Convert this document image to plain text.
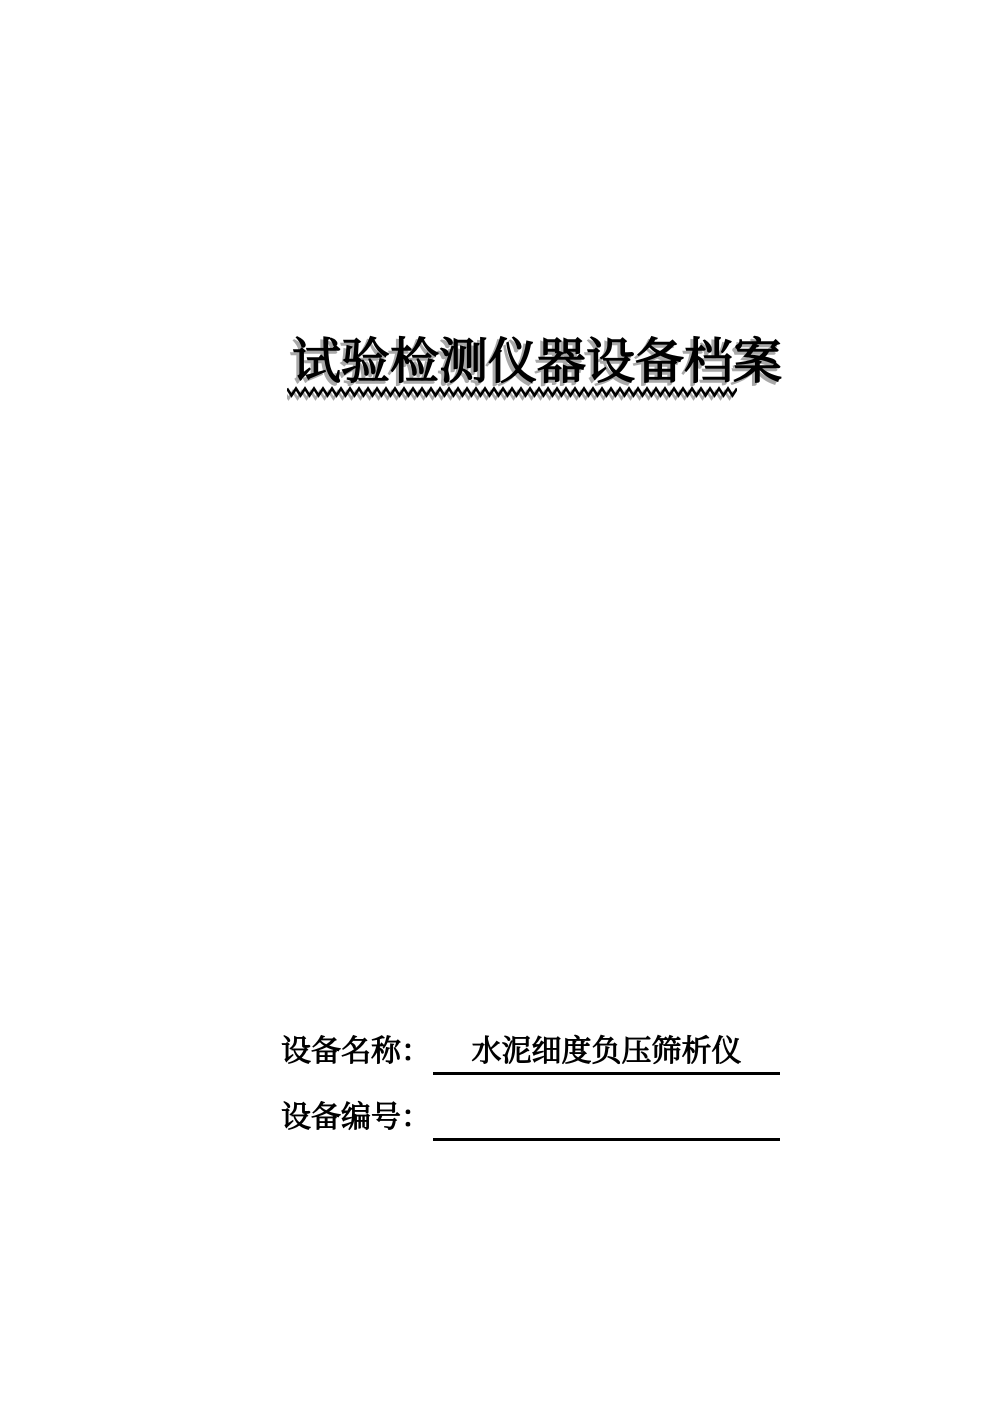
试验检测仪器设备档案
设备名称：	水泥细度负压筛析仪
设备编号：
